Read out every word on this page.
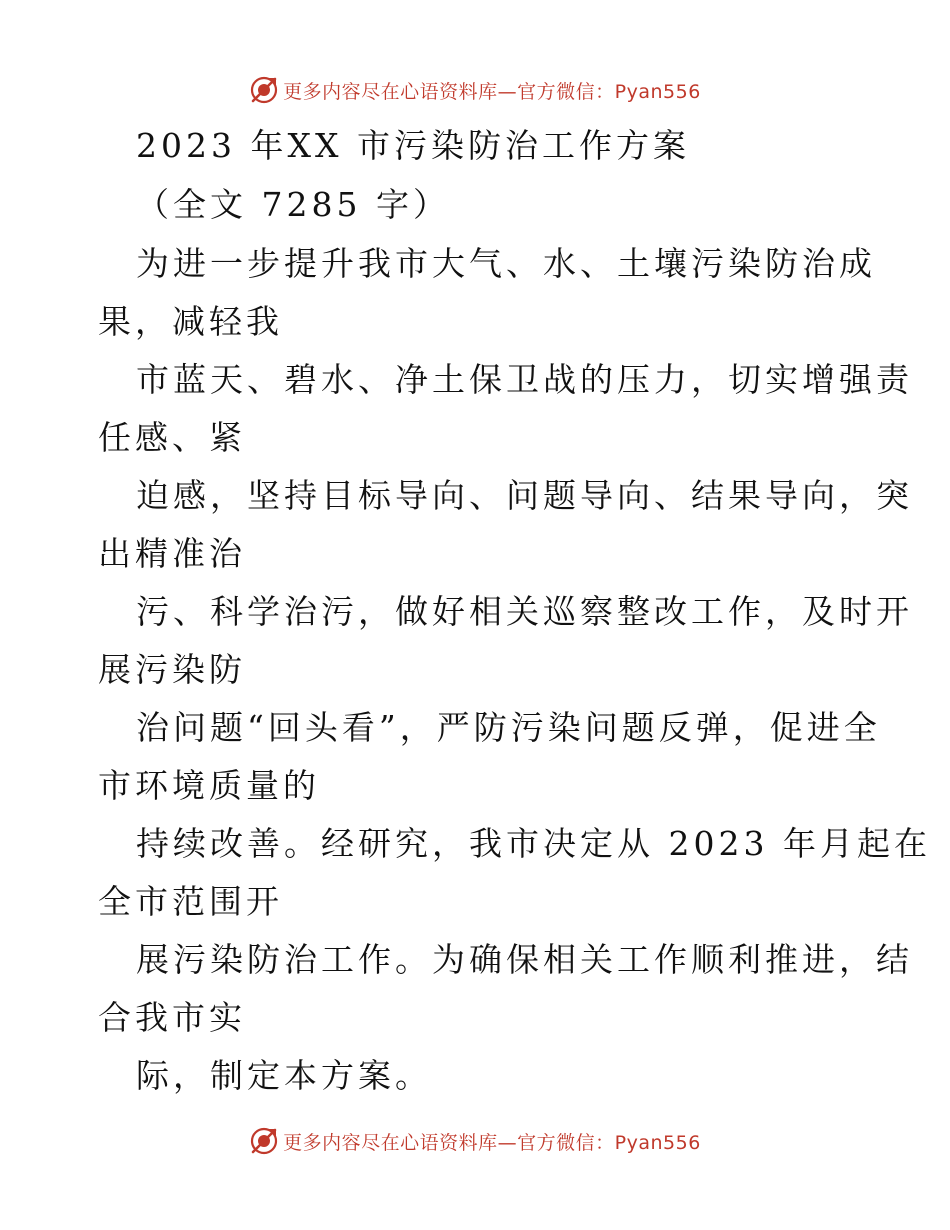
更多内容尽在心语资料库—官方微信：Pyan556
2023 年XX 市污染防治工作方案
（全文 7285 字）
为进一步提升我市大气、水、土壤污染防治成
果，减轻我
市蓝天、碧水、净土保卫战的压力，切实增强责
任感、紧
迫感，坚持目标导向、问题导向、结果导向，突
出精准治
污、科学治污，做好相关巡察整改工作，及时开
展污染防
治问题“回头看”，严防污染问题反弹，促进全
市环境质量的
持续改善。经研究，我市决定从 2023 年月起在
全市范围开
展污染防治工作。为确保相关工作顺利推进，结
合我市实
际，制定本方案。
更多内容尽在心语资料库—官方微信：Pyan556
